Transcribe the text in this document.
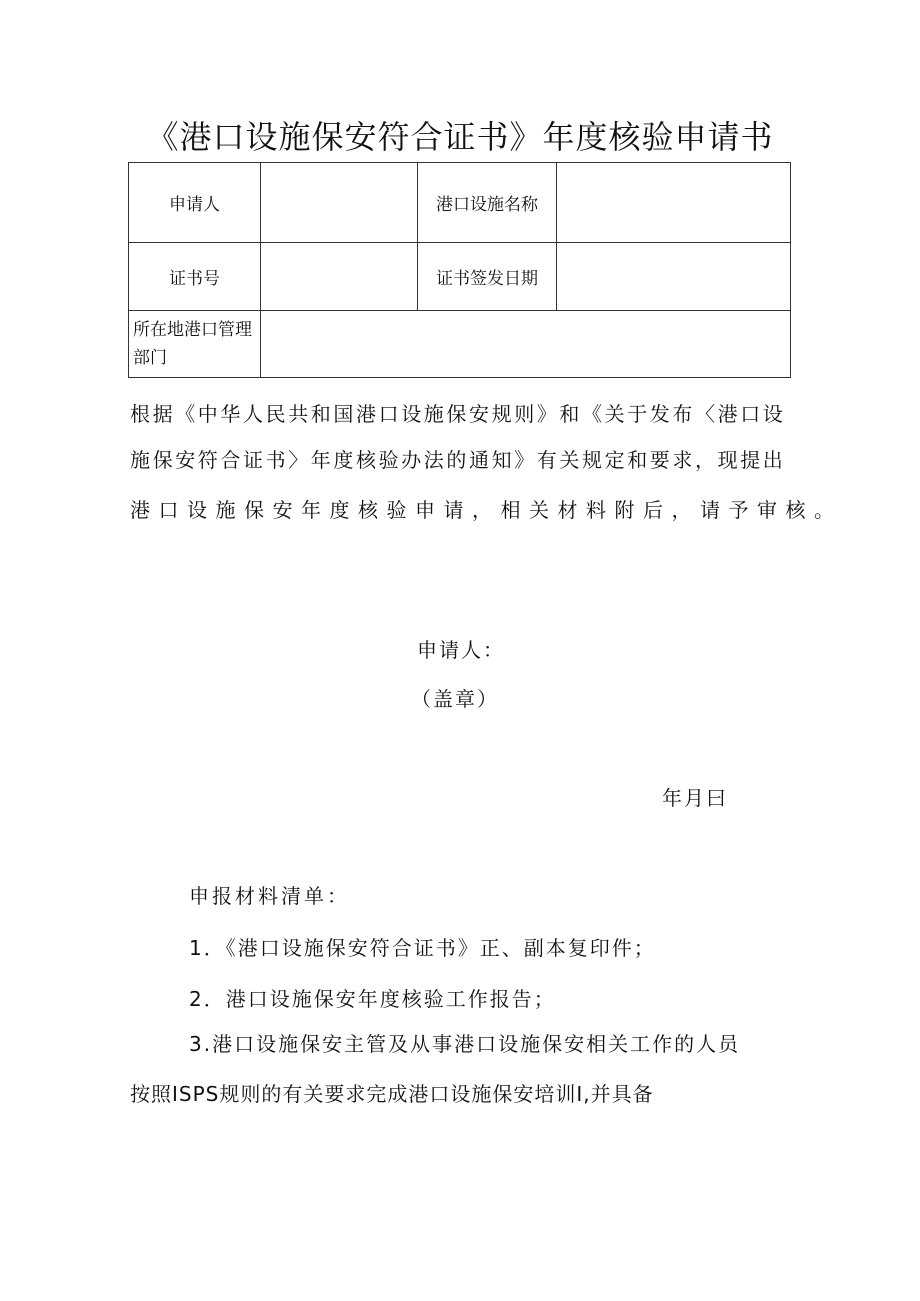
《港口设施保安符合证书》年度核验申请书
申请人		港口设施名称	
证书号		证书签发日期	
所在地港口管理部门			
根据《中华人民共和国港口设施保安规则》和《关于发布〈港口设
施保安符合证书〉年度核验办法的通知》有关规定和要求，现提出
港口设施保安年度核验申请，相关材料附后，请予审核。
申请人：
（盖章）
年月曰
申报材料清单：
1．《港口设施保安符合证书》正、副本复印件；
2．港口设施保安年度核验工作报告；
3.港口设施保安主管及从事港口设施保安相关工作的人员
按照ISPS规则的有关要求完成港口设施保安培训I,并具备
